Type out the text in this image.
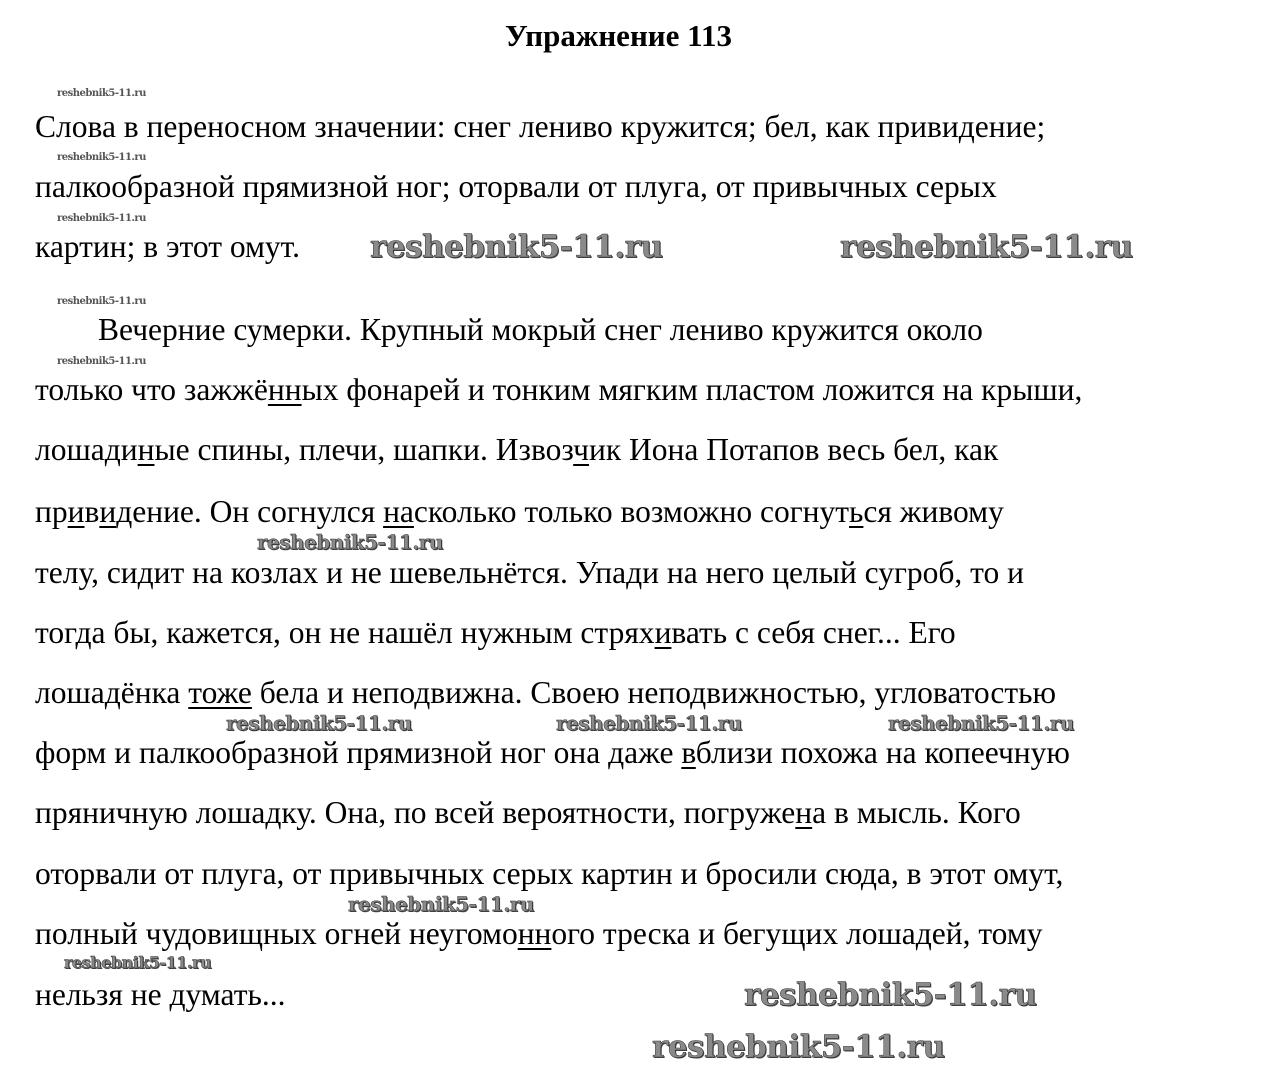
Упражнение 113
Слова в переносном значении: снег лениво кружится; бел, как привидение;
палкообразной прямизной ног; оторвали от плуга, от привычных серых
картин; в этот омут.
Вечерние сумерки. Крупный мокрый снег лениво кружится около
только что зажжённых фонарей и тонким мягким пластом ложится на крыши,
лошадиные спины, плечи, шапки. Извозчик Иона Потапов весь бел, как
привидение. Он согнулся насколько только возможно согнуться живому
телу, сидит на козлах и не шевельнётся. Упади на него целый сугроб, то и
тогда бы, кажется, он не нашёл нужным стряхивать с себя снег... Его
лошадёнка тоже бела и неподвижна. Своею неподвижностью, угловатостью
форм и палкообразной прямизной ног она даже вблизи похожа на копеечную
пряничную лошадку. Она, по всей вероятности, погружена в мысль. Кого
оторвали от плуга, от привычных серых картин и бросили сюда, в этот омут,
полный чудовищных огней неугомонного треска и бегущих лошадей, тому
нельзя не думать...
reshebnik5-11.ru
reshebnik5-11.ru
reshebnik5-11.ru
reshebnik5-11.ru
reshebnik5-11.ru
reshebnik5-11.ru
reshebnik5-11.ru
reshebnik5-11.ru
reshebnik5-11.ru
reshebnik5-11.ru	reshebnik5-11.ru	reshebnik5-11.ru
reshebnik5-11.ru
reshebnik5-11.ru
reshebnik5-11.ru
